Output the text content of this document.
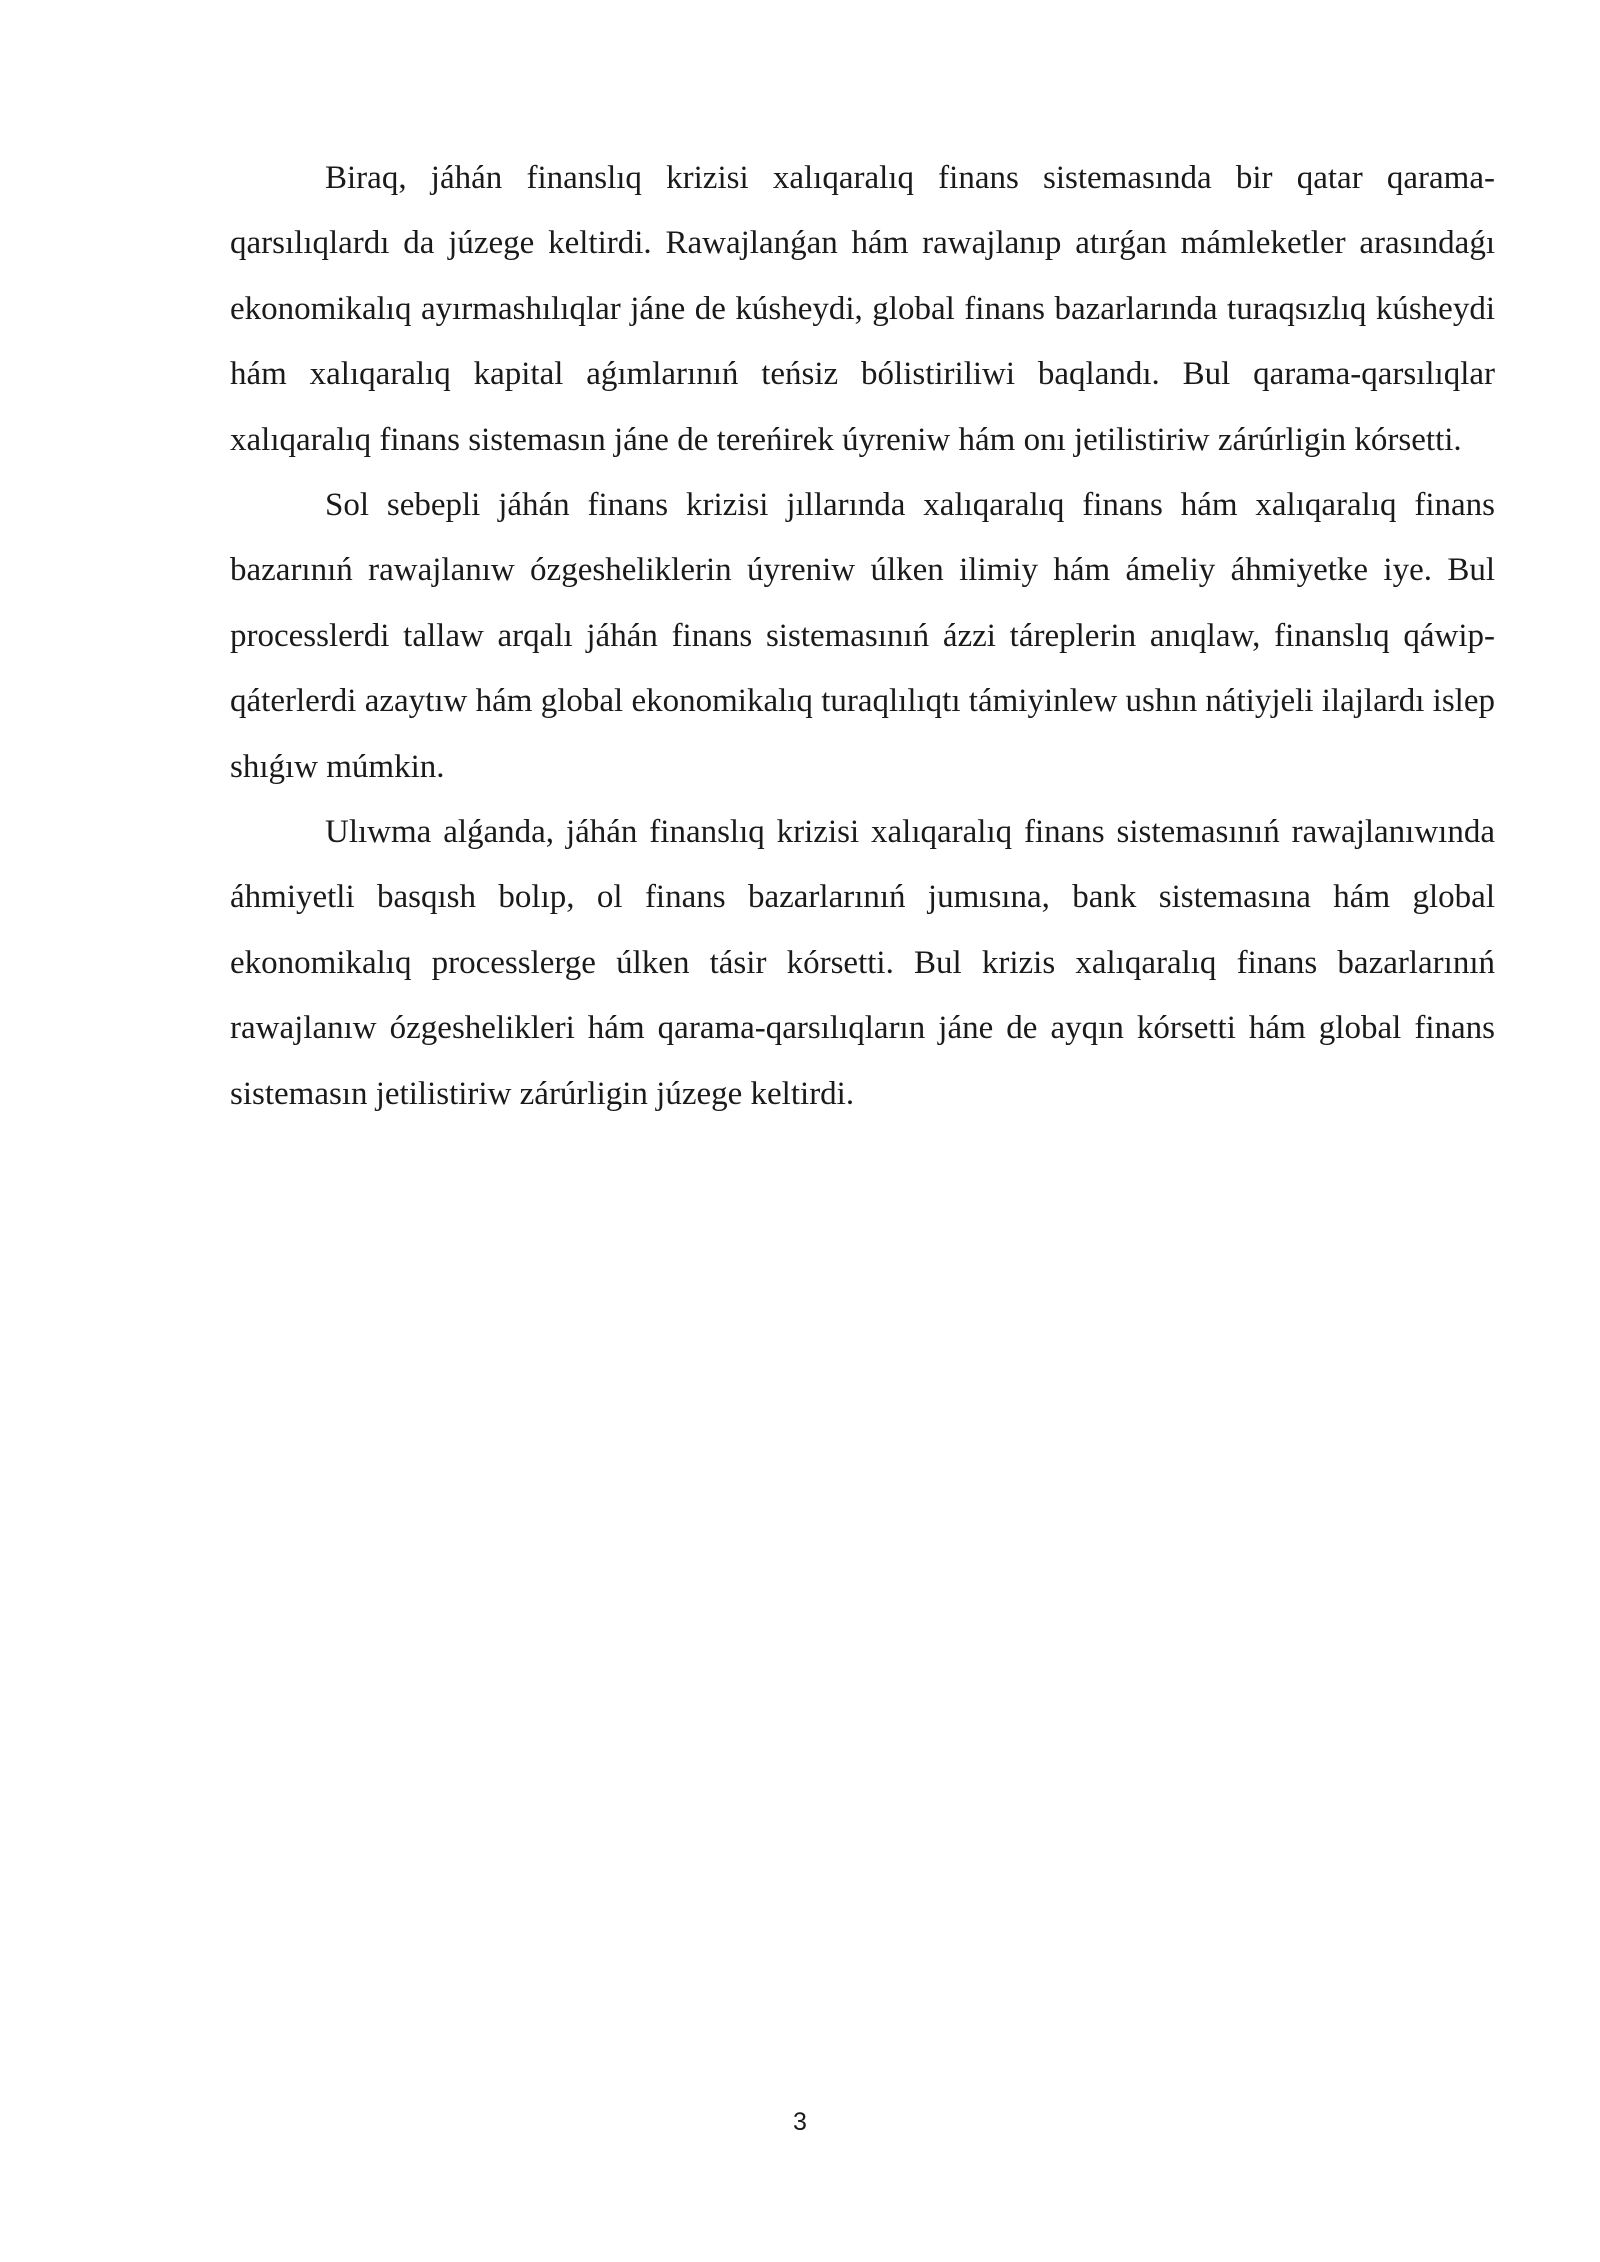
Biraq, jáhán finanslıq krizisi xalıqaralıq finans sistemasında bir qatar qarama-qarsılıqlardı da júzege keltirdi. Rawajlanǵan hám rawajlanıp atırǵan mámleketler arasındaǵı ekonomikalıq ayırmashılıqlar jáne de kúsheydi, global finans bazarlarında turaqsızlıq kúsheydi hám xalıqaralıq kapital aǵımlarınıń teńsiz bólistiriliwi baqlandı. Bul qarama-qarsılıqlar xalıqaralıq finans sistemasın jáne de tereńirek úyreniw hám onı jetilistiriw zárúrligin kórsetti.

Sol sebepli jáhán finans krizisi jıllarında xalıqaralıq finans hám xalıqaralıq finans bazarınıń rawajlanıw ózgesheliklerin úyreniw úlken ilimiy hám ámeliy áhmiyetke iye. Bul processlerdi tallaw arqalı jáhán finans sistemasınıń ázzi táreplerin anıqlaw, finanslıq qáwip-qáterlerdi azaytıw hám global ekonomikalıq turaqlılıqtı támiyinlew ushın nátiyjeli ilajlardı islep shıǵıw múmkin.

Ulıwma alǵanda, jáhán finanslıq krizisi xalıqaralıq finans sistemasınıń rawajlanıwında áhmiyetli basqısh bolıp, ol finans bazarlarınıń jumısına, bank sistemasına hám global ekonomikalıq processlerge úlken tásir kórsetti. Bul krizis xalıqaralıq finans bazarlarınıń rawajlanıw ózgeshelikleri hám qarama-qarsılıqların jáne de ayqın kórsetti hám global finans sistemasın jetilistiriw zárúrligin júzege keltirdi.

3
